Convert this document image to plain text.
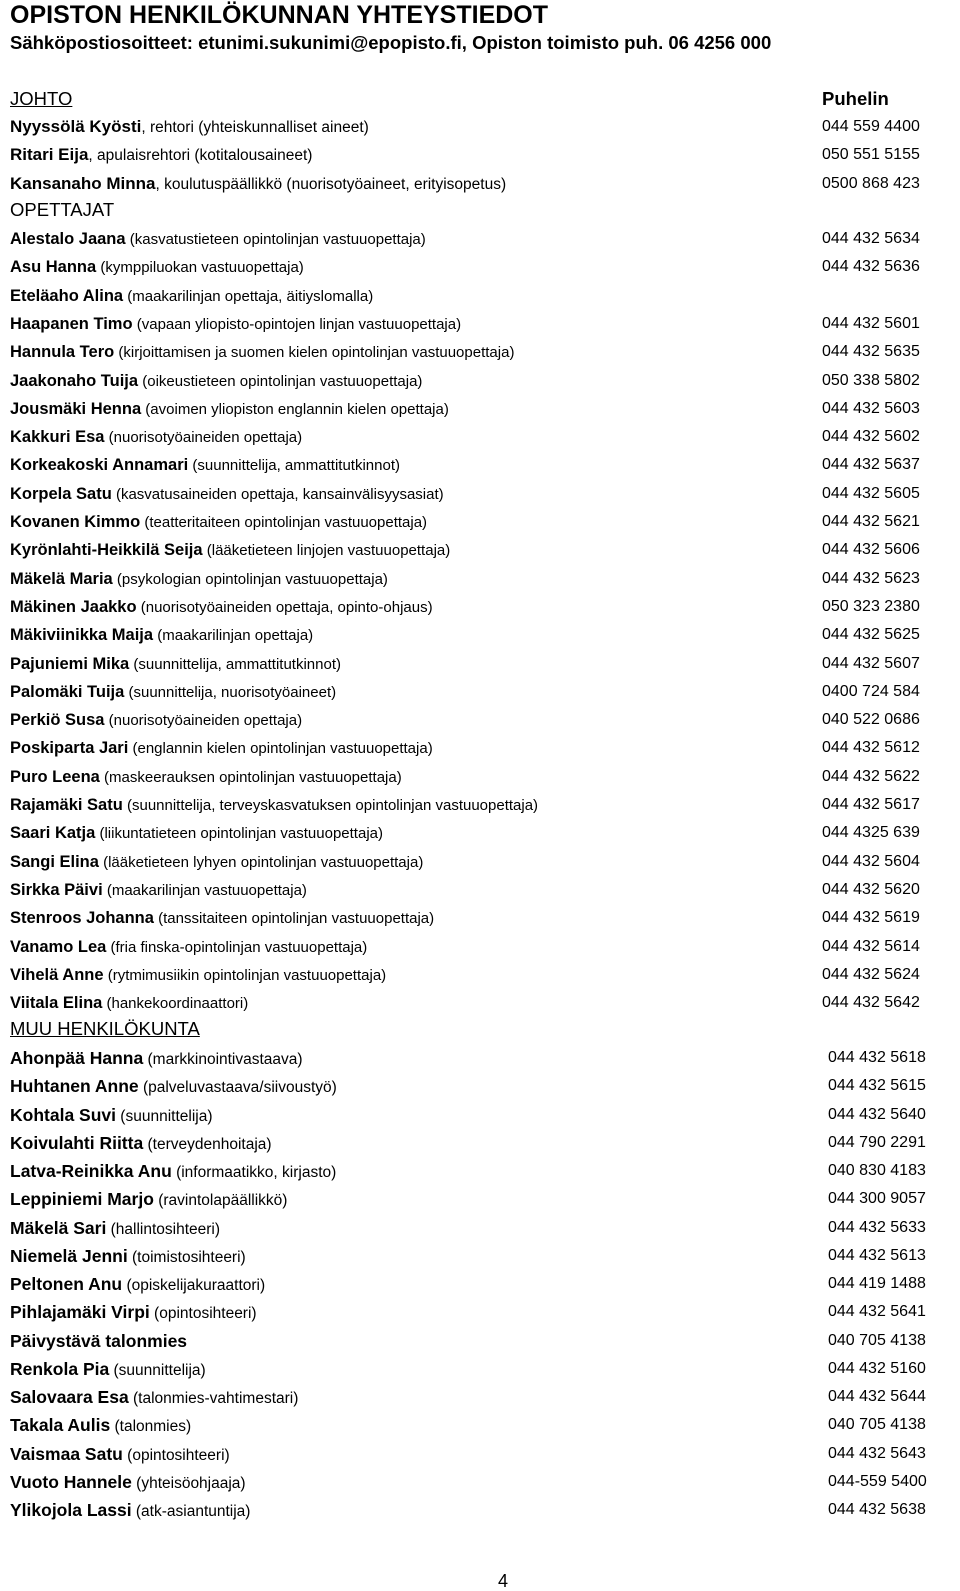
OPISTON HENKILÖKUNNAN YHTEYSTIEDOT
Sähköpostiosoitteet: etunimi.sukunimi@epopisto.fi, Opiston toimisto puh. 06 4256 000
JOHTO	Puhelin
Nyyssölä Kyösti, rehtori (yhteiskunnalliset aineet)	044 559 4400
Ritari Eija, apulaisrehtori (kotitalousaineet)	050 551 5155
Kansanaho Minna, koulutuspäällikkö (nuorisotyöaineet, erityisopetus)	0500 868 423
OPETTAJAT
Alestalo Jaana (kasvatustieteen opintolinjan vastuuopettaja)	044 432 5634
Asu Hanna (kymppiluokan vastuuopettaja)	044 432 5636
Eteläaho Alina (maakarilinjan opettaja, äitiyslomalla)
Haapanen Timo (vapaan yliopisto-opintojen linjan vastuuopettaja)	044 432 5601
Hannula Tero (kirjoittamisen ja suomen kielen opintolinjan vastuuopettaja)	044 432 5635
Jaakonaho Tuija (oikeustieteen opintolinjan vastuuopettaja)	050 338 5802
Jousmäki Henna (avoimen yliopiston englannin kielen opettaja)	044 432 5603
Kakkuri Esa (nuorisotyöaineiden opettaja)	044 432 5602
Korkeakoski Annamari (suunnittelija, ammattitutkinnot)	044 432 5637
Korpela Satu (kasvatusaineiden opettaja, kansainvälisyysasiat)	044 432 5605
Kovanen Kimmo (teatteritaiteen opintolinjan vastuuopettaja)	044 432 5621
Kyrönlahti-Heikkilä Seija (lääketieteen linjojen vastuuopettaja)	044 432 5606
Mäkelä Maria (psykologian opintolinjan vastuuopettaja)	044 432 5623
Mäkinen Jaakko (nuorisotyöaineiden opettaja, opinto-ohjaus)	050 323 2380
Mäkiviinikka Maija (maakarilinjan opettaja)	044 432 5625
Pajuniemi Mika (suunnittelija, ammattitutkinnot)	044 432 5607
Palomäki Tuija (suunnittelija, nuorisotyöaineet)	0400 724 584
Perkiö Susa (nuorisotyöaineiden opettaja)	040 522 0686
Poskiparta Jari (englannin kielen opintolinjan vastuuopettaja)	044 432 5612
Puro Leena (maskeerauksen opintolinjan vastuuopettaja)	044 432 5622
Rajamäki Satu (suunnittelija, terveyskasvatuksen opintolinjan vastuuopettaja)	044 432 5617
Saari Katja (liikuntatieteen opintolinjan vastuuopettaja)	044 4325 639
Sangi Elina (lääketieteen lyhyen opintolinjan vastuuopettaja)	044 432 5604
Sirkka Päivi (maakarilinjan vastuuopettaja)	044 432 5620
Stenroos Johanna (tanssitaiteen opintolinjan vastuuopettaja)	044 432 5619
Vanamo Lea (fria finska-opintolinjan vastuuopettaja)	044 432 5614
Vihelä Anne (rytmimusiikin opintolinjan vastuuopettaja)	044 432 5624
Viitala Elina (hankekoordinaattori)	044 432 5642
MUU HENKILÖKUNTA
Ahonpää Hanna (markkinointivastaava)	044 432 5618
Huhtanen Anne (palveluvastaava/siivoustyö)	044 432 5615
Kohtala Suvi (suunnittelija)	044 432 5640
Koivulahti Riitta (terveydenhoitaja)	044 790 2291
Latva-Reinikka Anu (informaatikko, kirjasto)	040 830 4183
Leppiniemi Marjo (ravintolapäällikkö)	044 300 9057
Mäkelä Sari (hallintosihteeri)	044 432 5633
Niemelä Jenni (toimistosihteeri)	044 432 5613
Peltonen Anu (opiskelijakuraattori)	044 419 1488
Pihlajamäki Virpi (opintosihteeri)	044 432 5641
Päivystävä talonmies	040 705 4138
Renkola Pia (suunnittelija)	044 432 5160
Salovaara Esa (talonmies-vahtimestari)	044 432 5644
Takala Aulis (talonmies)	040 705 4138
Vaismaa Satu (opintosihteeri)	044 432 5643
Vuoto Hannele (yhteisöohjaaja)	044-559 5400
Ylikojola Lassi (atk-asiantuntija)	044 432 5638
4
